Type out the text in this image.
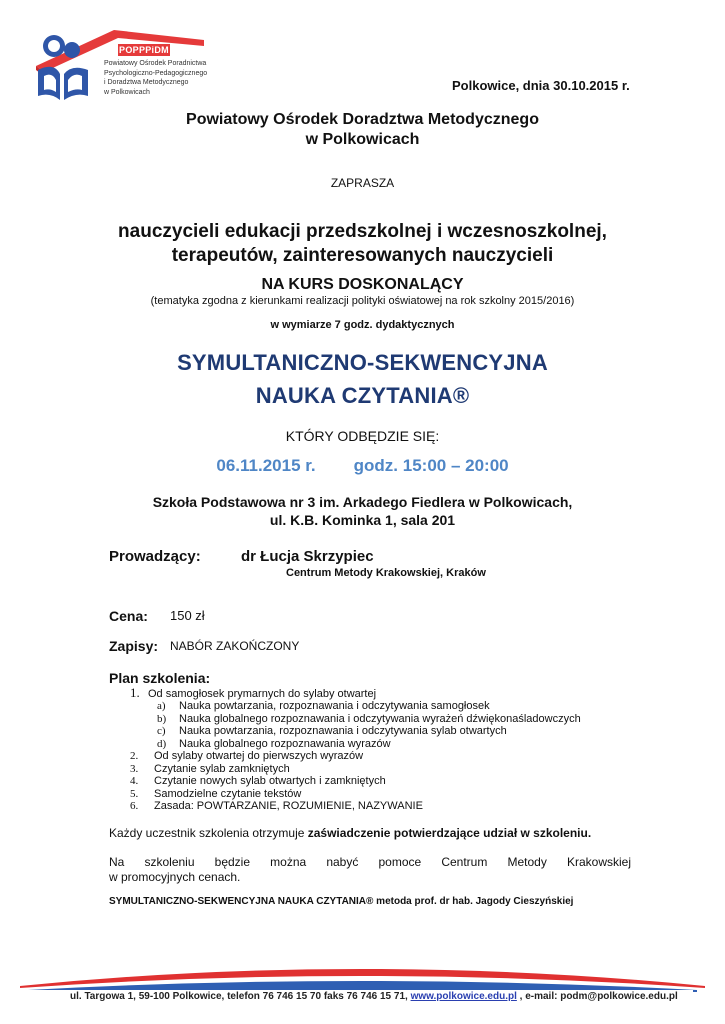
POPPPiDM
Powiatowy Ośrodek Poradnictwa
Psychologiczno-Pedagogicznego
i Doradztwa Metodycznego
w Polkowicach	Polkowice, dnia 30.10.2015 r.
Powiatowy Ośrodek Doradztwa Metodycznego
w Polkowicach
ZAPRASZA
nauczycieli edukacji przedszkolnej i wczesnoszkolnej,
terapeutów, zainteresowanych nauczycieli
NA KURS DOSKONALĄCY
(tematyka zgodna z kierunkami realizacji polityki oświatowej na rok szkolny 2015/2016)
w wymiarze 7 godz. dydaktycznych
SYMULTANICZNO-SEKWENCYJNA
NAUKA CZYTANIA®
KTÓRY ODBĘDZIE SIĘ:
06.11.2015 r. godz. 15:00 – 20:00
Szkoła Podstawowa nr 3 im. Arkadego Fiedlera w Polkowicach,
ul. K.B. Kominka 1, sala 201
Prowadzący:	dr Łucja Skrzypiec
Centrum Metody Krakowskiej, Kraków
Cena: 150 zł
Zapisy: NABÓR ZAKOŃCZONY
Plan szkolenia:
1. Od samogłosek prymarnych do sylaby otwartej
a) Nauka powtarzania, rozpoznawania i odczytywania samogłosek
b) Nauka globalnego rozpoznawania i odczytywania wyrażeń dźwiękonaśladowczych
c) Nauka powtarzania, rozpoznawania i odczytywania sylab otwartych
d) Nauka globalnego rozpoznawania wyrazów
2. Od sylaby otwartej do pierwszych wyrazów
3. Czytanie sylab zamkniętych
4. Czytanie nowych sylab otwartych i zamkniętych
5. Samodzielne czytanie tekstów
6. Zasada: POWTARZANIE, ROZUMIENIE, NAZYWANIE
Każdy uczestnik szkolenia otrzymuje zaświadczenie potwierdzające udział w szkoleniu.
Na szkoleniu będzie można nabyć pomoce Centrum Metody Krakowskiej
w promocyjnych cenach.
SYMULTANICZNO-SEKWENCYJNA NAUKA CZYTANIA® metoda prof. dr hab. Jagody Cieszyńskiej
ul. Targowa 1, 59-100 Polkowice, telefon 76 746 15 70 faks 76 746 15 71, www.polkowice.edu.pl , e-mail: podm@polkowice.edu.pl
